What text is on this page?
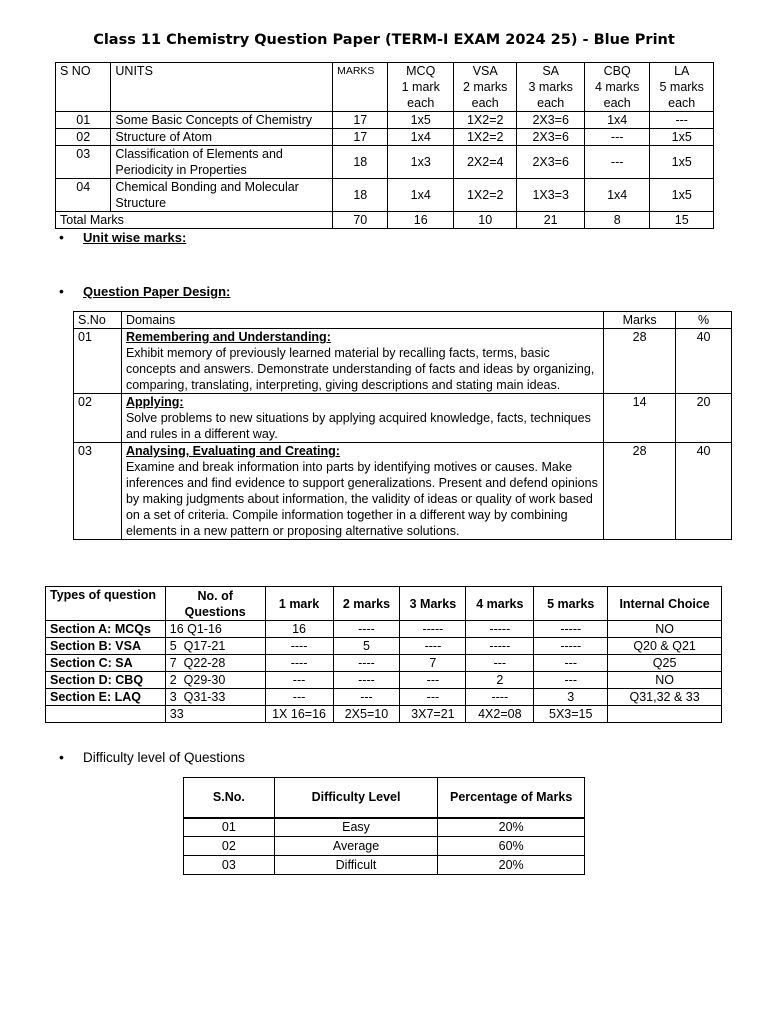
Class 11 Chemistry Question Paper (TERM-I EXAM 2024 25) - Blue Print
S NO	UNITS	MARKS	MCQ
1 mark
each	VSA
2 marks
each	SA
3 marks
each	CBQ
4 marks
each	LA
5 marks
each
01	Some Basic Concepts of Chemistry	17	1x5	1X2=2	2X3=6	1x4	---
02	Structure of Atom	17	1x4	1X2=2	2X3=6	---	1x5
03	Classification of Elements and Periodicity in Properties	18	1x3	2X2=4	2X3=6	---	1x5
04	Chemical Bonding and Molecular Structure	18	1x4	1X2=2	1X3=3	1x4	1x5
Total Marks		70	16	10	21	8	15
• Unit wise marks:
• Question Paper Design:
S.No	Domains	Marks	%
01	Remembering and Understanding:
Exhibit memory of previously learned material by recalling facts, terms, basic concepts and answers. Demonstrate understanding of facts and ideas by organizing, comparing, translating, interpreting, giving descriptions and stating main ideas.	28	40
02	Applying:
Solve problems to new situations by applying acquired knowledge, facts, techniques and rules in a different way.	14	20
03	Analysing, Evaluating and Creating:
Examine and break information into parts by identifying motives or causes. Make inferences and find evidence to support generalizations. Present and defend opinions by making judgments about information, the validity of ideas or quality of work based on a set of criteria. Compile information together in a different way by combining elements in a new pattern or proposing alternative solutions.	28	40
Types of question	No. of Questions	1 mark	2 marks	3 Marks	4 marks	5 marks	Internal Choice
Section A: MCQs	16 Q1-16	16	----	-----	-----	-----	NO
Section B: VSA	5  Q17-21	----	5	----	-----	-----	Q20 & Q21
Section C: SA	7  Q22-28	----	----	7	---	---	Q25
Section D: CBQ	2  Q29-30	---	----	---	2	---	NO
Section E: LAQ	3  Q31-33	---	---	---	----	3	Q31,32 & 33
	33	1X 16=16	2X5=10	3X7=21	4X2=08	5X3=15	
• Difficulty level of Questions
S.No.	Difficulty Level	Percentage of Marks
01	Easy	20%
02	Average	60%
03	Difficult	20%
